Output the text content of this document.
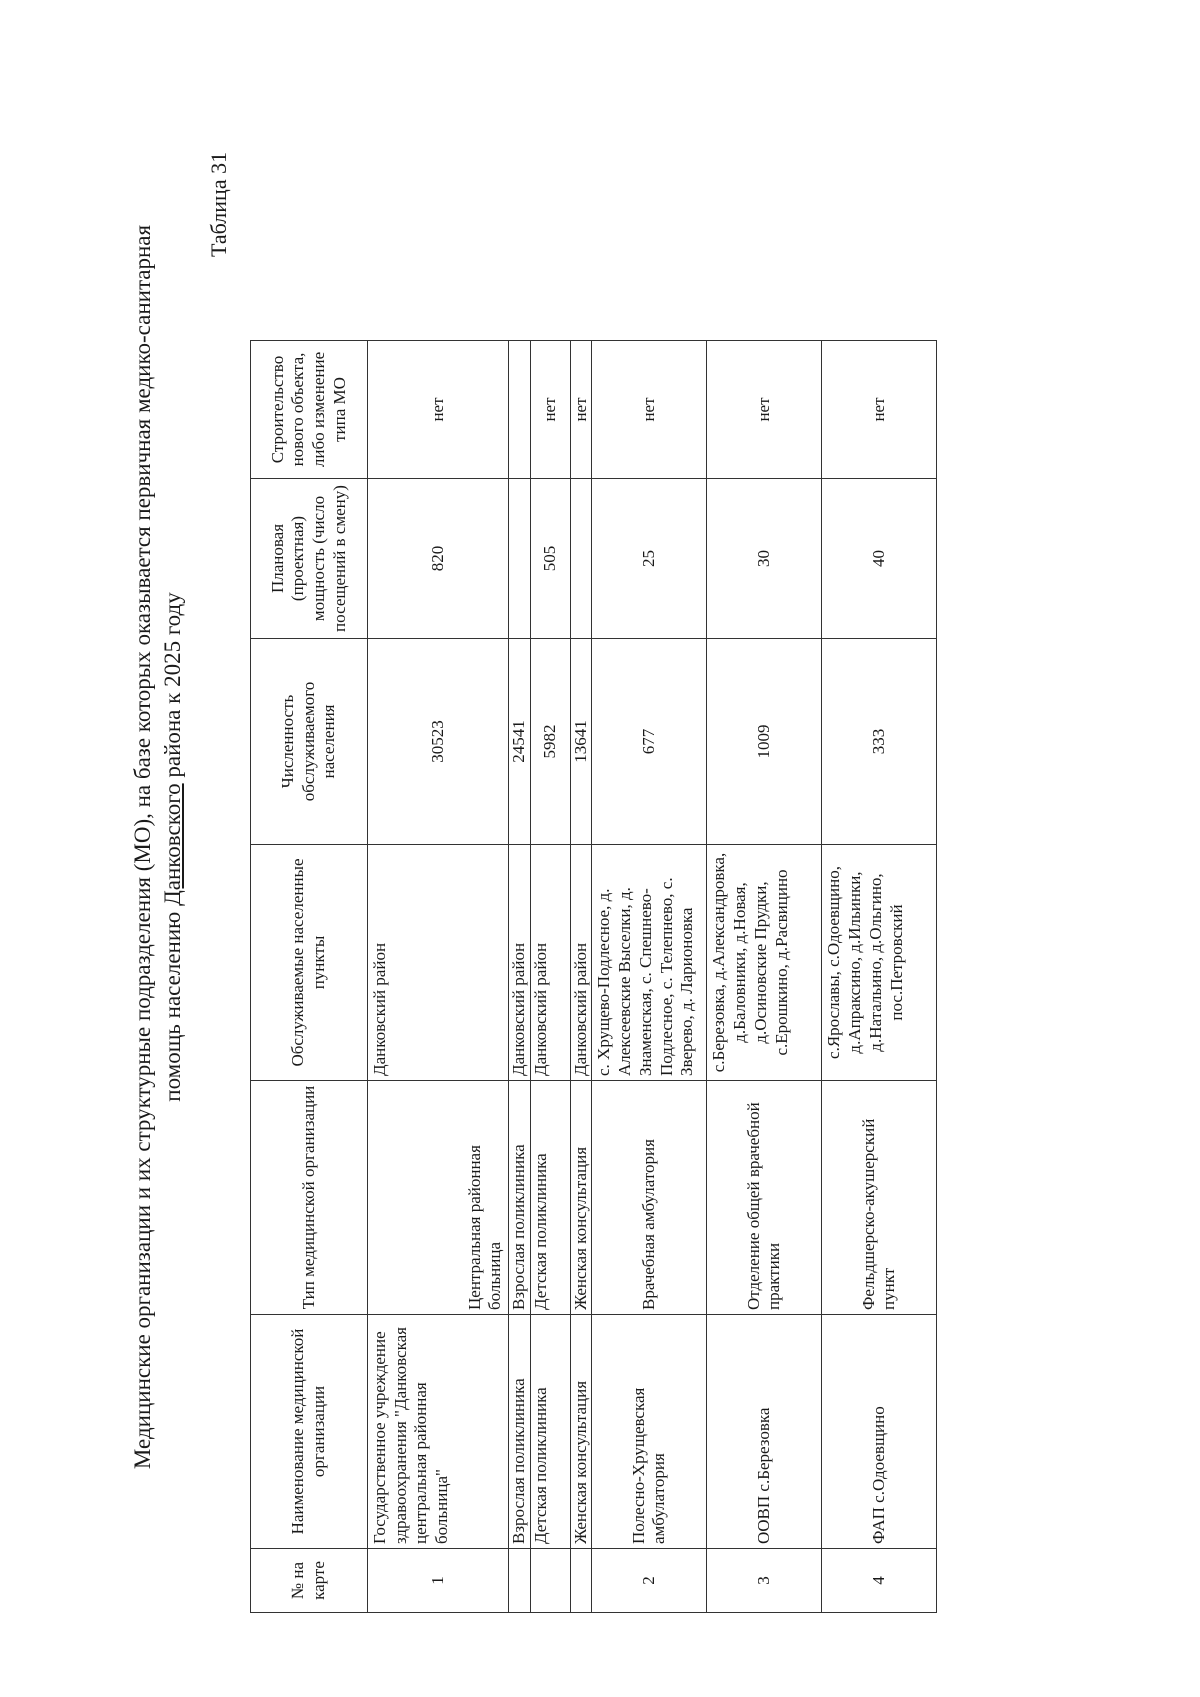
Медицинские организации и их структурные подразделения (МО), на базе которых оказывается первичная медико-санитарная помощь населению Данковского района к 2025 году
Таблица 31
№ на карте	Наименование медицинской организации	Тип медицинской организации	Обслуживаемые населенные пункты	Численность обслуживаемого населения	Плановая (проектная) мощность (число посещений в смену)	Строительство нового объекта, либо изменение типа МО
1	Государственное учреждение здравоохранения "Данковская центральная районная больница"	Центральная районная больница	Данковский район	30523	820	нет
	Взрослая поликлиника	Взрослая поликлиника	Данковский район	24541		
	Детская поликлиника	Детская поликлиника	Данковский район	5982	505	нет
	Женская консультация	Женская консультация	Данковский район	13641		нет
2	Полесно-Хрущевская амбулатория	Врачебная амбулатория	с. Хрущево-Подлесное, д. Алексеевские Выселки, д. Знаменская, с. Спешнево-Подлесное, с. Телепнево, с. Зверево, д. Ларионовка	677	25	нет
3	ООВП с.Березовка	Отделение общей врачебной практики	с.Березовка, д.Александровка, д.Баловники, д.Новая, д.Осиновские Прудки, с.Ерошкино, д.Расвицино	1009	30	нет
4	ФАП с.Одоевщино	Фельдшерско-акушерский пункт	с.Ярославы, с.Одоевщино, д.Апраксино, д.Ильинки, д.Натальино, д.Ольгино, пос.Петровский	333	40	нет
